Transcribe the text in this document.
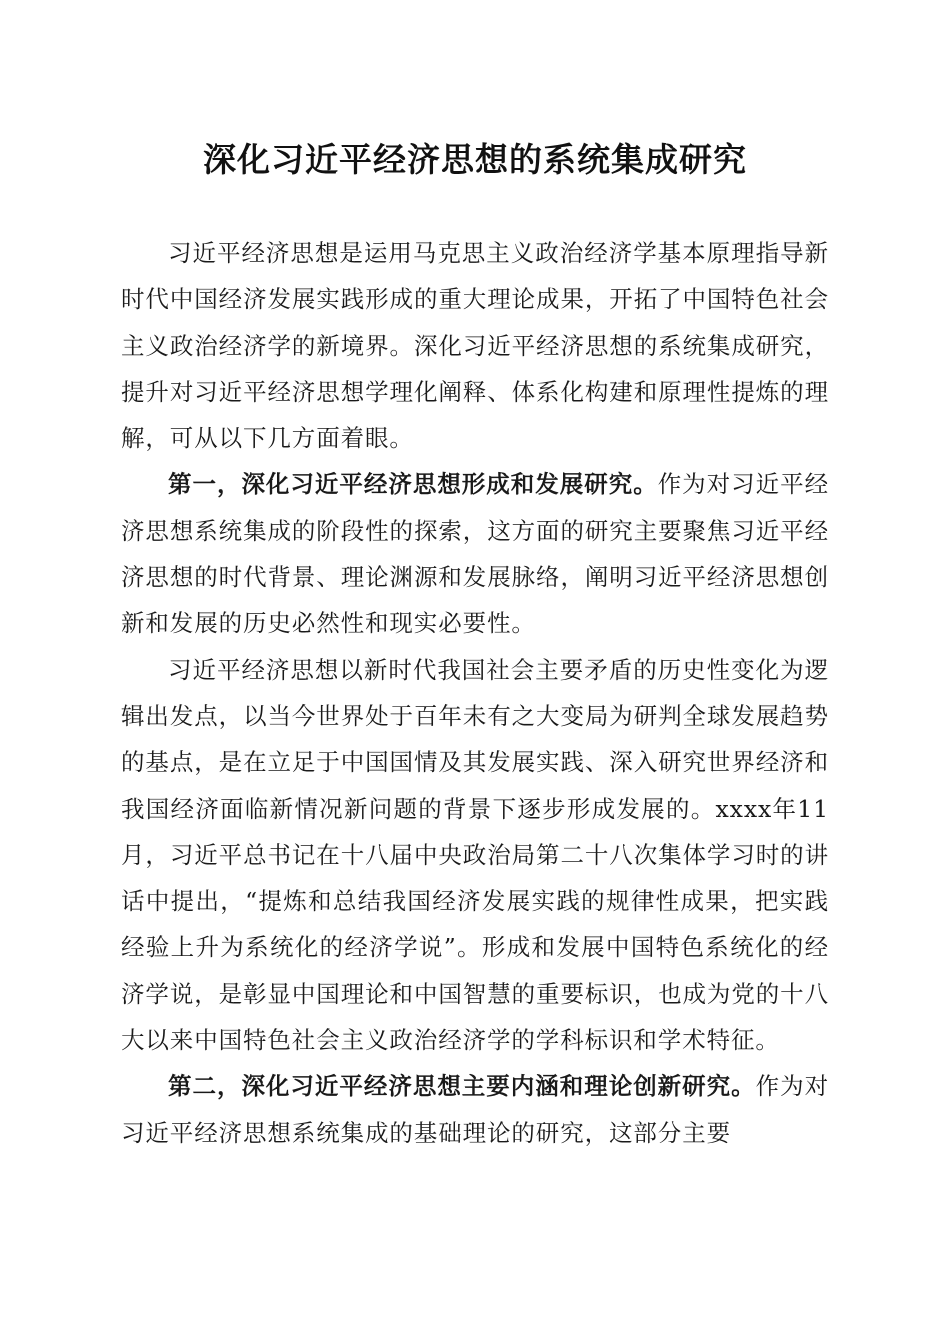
深化习近平经济思想的系统集成研究

习近平经济思想是运用马克思主义政治经济学基本原理指导新时代中国经济发展实践形成的重大理论成果，开拓了中国特色社会主义政治经济学的新境界。深化习近平经济思想的系统集成研究，提升对习近平经济思想学理化阐释、体系化构建和原理性提炼的理解，可从以下几方面着眼。

第一，深化习近平经济思想形成和发展研究。作为对习近平经济思想系统集成的阶段性的探索，这方面的研究主要聚焦习近平经济思想的时代背景、理论渊源和发展脉络，阐明习近平经济思想创新和发展的历史必然性和现实必要性。

习近平经济思想以新时代我国社会主要矛盾的历史性变化为逻辑出发点，以当今世界处于百年未有之大变局为研判全球发展趋势的基点，是在立足于中国国情及其发展实践、深入研究世界经济和我国经济面临新情况新问题的背景下逐步形成发展的。xxxx年11月，习近平总书记在十八届中央政治局第二十八次集体学习时的讲话中提出，“提炼和总结我国经济发展实践的规律性成果，把实践经验上升为系统化的经济学说”。形成和发展中国特色系统化的经济学说，是彰显中国理论和中国智慧的重要标识，也成为党的十八大以来中国特色社会主义政治经济学的学科标识和学术特征。

第二，深化习近平经济思想主要内涵和理论创新研究。作为对习近平经济思想系统集成的基础理论的研究，这部分主要
